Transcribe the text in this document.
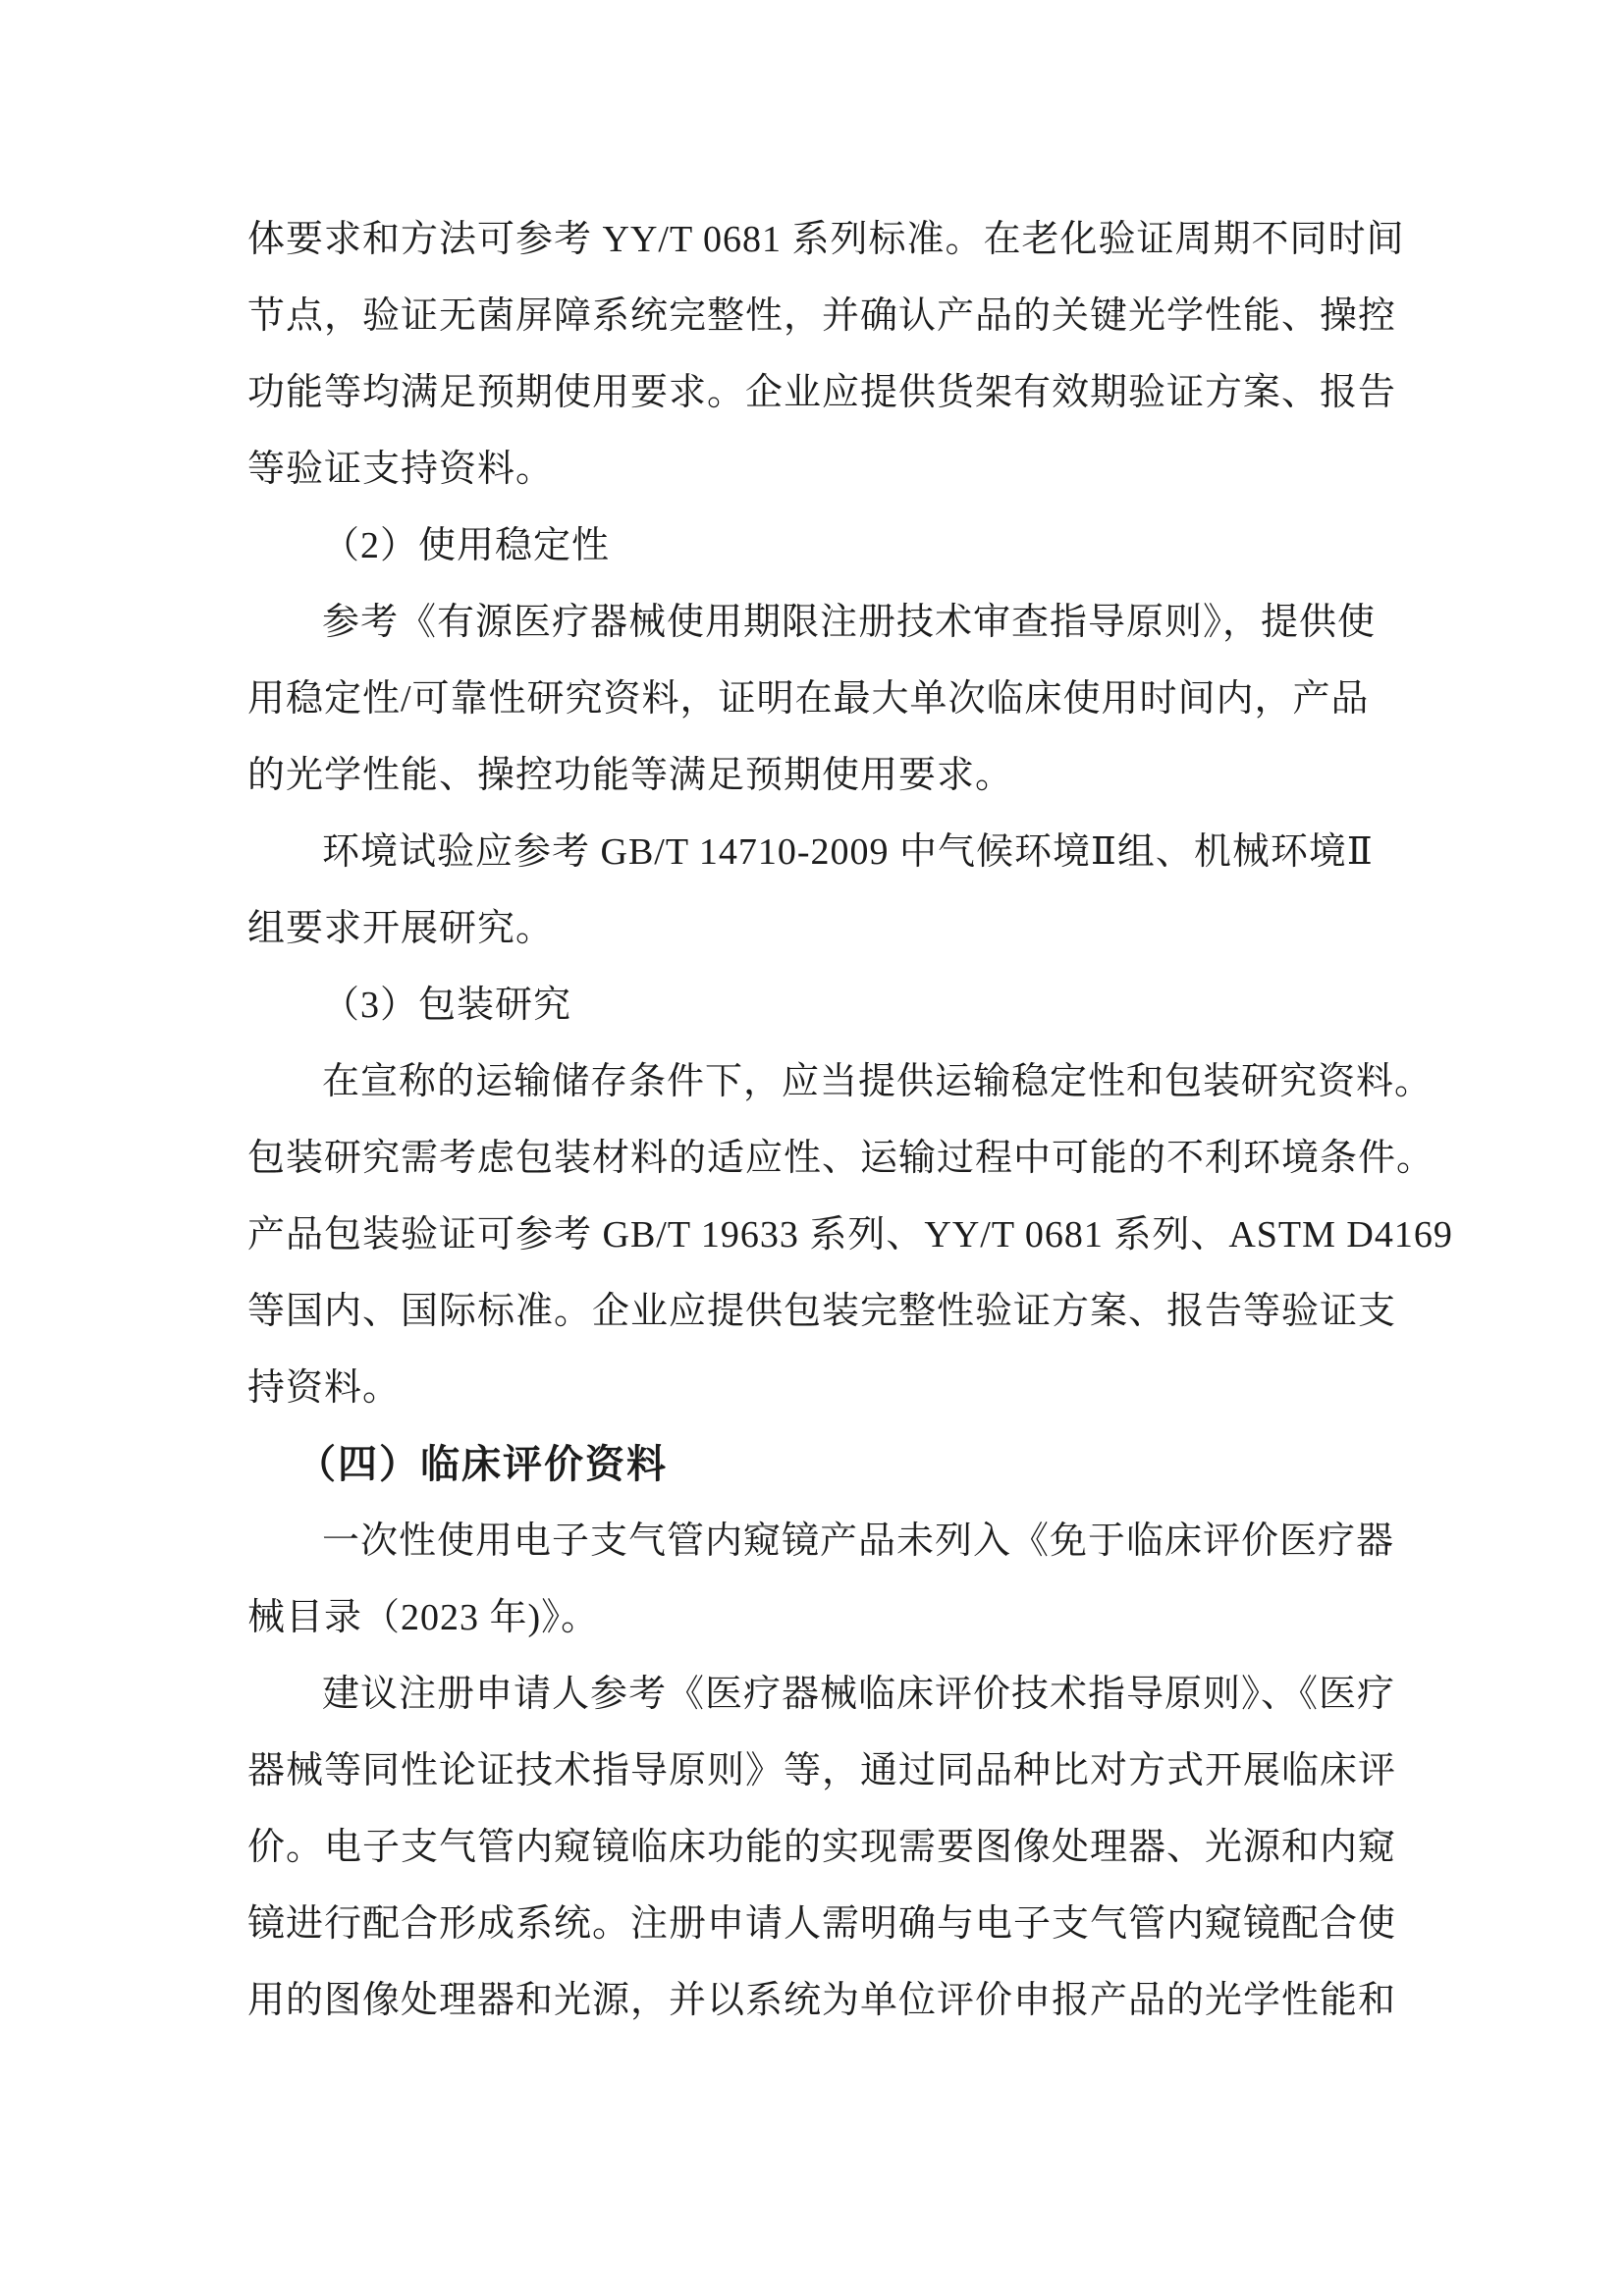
体要求和方法可参考 YY/T 0681 系列标准。在老化验证周期不同时间
节点，验证无菌屏障系统完整性，并确认产品的关键光学性能、操控
功能等均满足预期使用要求。企业应提供货架有效期验证方案、报告
等验证支持资料。
（2）使用稳定性
参考《有源医疗器械使用期限注册技术审查指导原则》，提供使
用稳定性/可靠性研究资料，证明在最大单次临床使用时间内，产品
的光学性能、操控功能等满足预期使用要求。
环境试验应参考 GB/T 14710-2009 中气候环境Ⅱ组、机械环境Ⅱ
组要求开展研究。
（3）包装研究
在宣称的运输储存条件下，应当提供运输稳定性和包装研究资料。
包装研究需考虑包装材料的适应性、运输过程中可能的不利环境条件。
产品包装验证可参考 GB/T 19633 系列、YY/T 0681 系列、ASTM D4169
等国内、国际标准。企业应提供包装完整性验证方案、报告等验证支
持资料。
（四）临床评价资料
一次性使用电子支气管内窥镜产品未列入《免于临床评价医疗器
械目录（2023 年)》。
建议注册申请人参考《医疗器械临床评价技术指导原则》、《医疗
器械等同性论证技术指导原则》等，通过同品种比对方式开展临床评
价。电子支气管内窥镜临床功能的实现需要图像处理器、光源和内窥
镜进行配合形成系统。注册申请人需明确与电子支气管内窥镜配合使
用的图像处理器和光源，并以系统为单位评价申报产品的光学性能和
